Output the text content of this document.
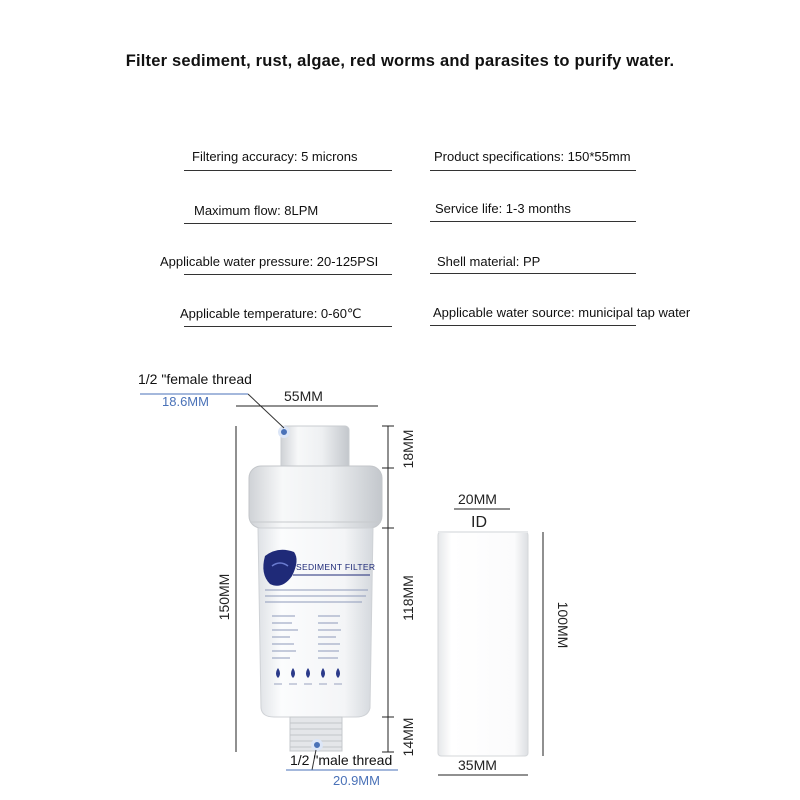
Filter sediment, rust, algae, red worms and parasites to purify water.
Filtering accuracy: 5 microns
Maximum flow: 8LPM
Applicable water pressure: 20-125PSI
Applicable temperature: 0-60℃
Product specifications: 150*55mm
Service life: 1-3 months
Shell material: PP
Applicable water source: municipal tap water
1/2 "female thread
18.6MM	55MM
150MM
18MM
118MM
14MM
1/2 "male thread
20.9MM
20MM
ID
100MM
35MM
SEDIMENT FILTER
